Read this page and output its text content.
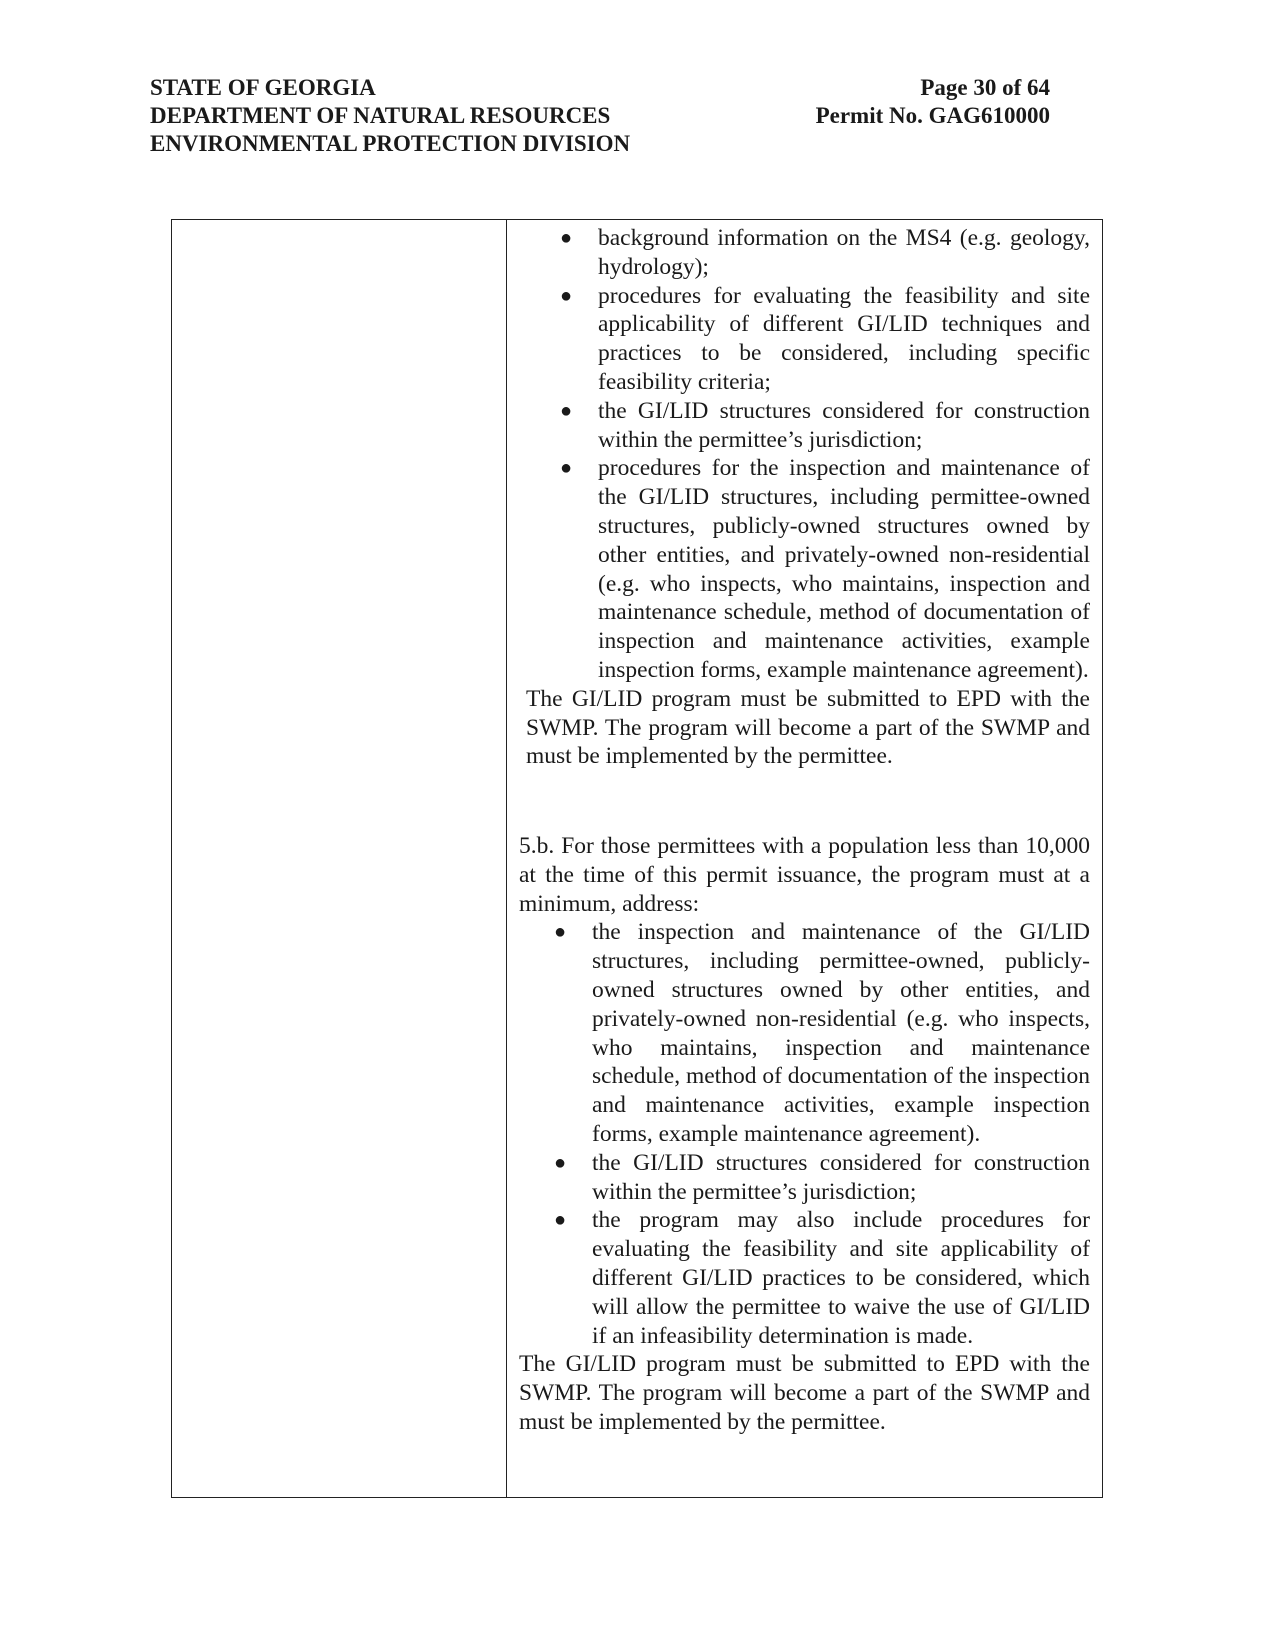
STATE OF GEORGIA	Page 30 of 64
DEPARTMENT OF NATURAL RESOURCES	Permit No. GAG610000
ENVIRONMENTAL PROTECTION DIVISION
● background information on the MS4 (e.g. geology, hydrology);
● procedures for evaluating the feasibility and site applicability of different GI/LID techniques and practices to be considered, including specific feasibility criteria;
● the GI/LID structures considered for construction within the permittee’s jurisdiction;
● procedures for the inspection and maintenance of the GI/LID structures, including permittee-owned structures, publicly-owned structures owned by other entities, and privately-owned non-residential (e.g. who inspects, who maintains, inspection and maintenance schedule, method of documentation of inspection and maintenance activities, example inspection forms, example maintenance agreement).

The GI/LID program must be submitted to EPD with the SWMP. The program will become a part of the SWMP and must be implemented by the permittee.

5.b. For those permittees with a population less than 10,000 at the time of this permit issuance, the program must at a minimum, address:

● the inspection and maintenance of the GI/LID structures, including permittee-owned, publicly-owned structures owned by other entities, and privately-owned non-residential (e.g. who inspects, who maintains, inspection and maintenance schedule, method of documentation of the inspection and maintenance activities, example inspection forms, example maintenance agreement).
● the GI/LID structures considered for construction within the permittee’s jurisdiction;
● the program may also include procedures for evaluating the feasibility and site applicability of different GI/LID practices to be considered, which will allow the permittee to waive the use of GI/LID if an infeasibility determination is made.

The GI/LID program must be submitted to EPD with the SWMP. The program will become a part of the SWMP and must be implemented by the permittee.
